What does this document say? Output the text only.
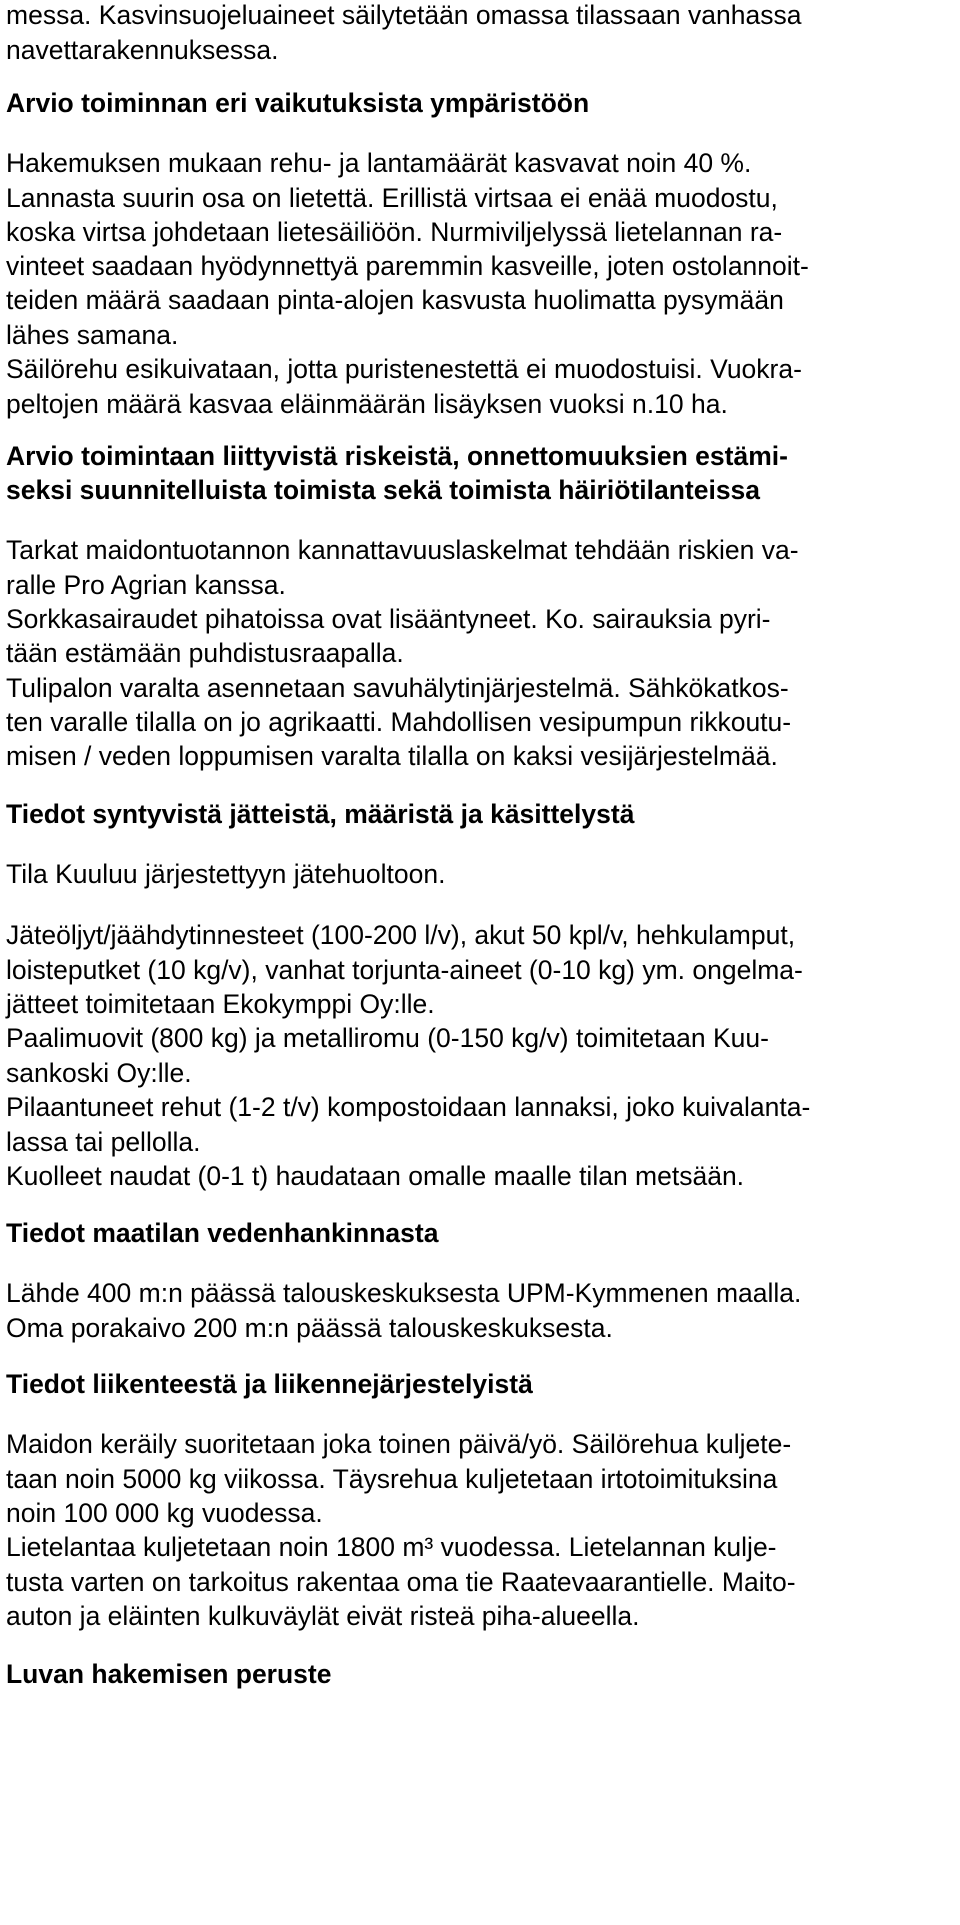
messa. Kasvinsuojeluaineet säilytetään omassa tilassaan vanhassa

navettarakennuksessa.

Arvio toiminnan eri vaikutuksista ympäristöön

Hakemuksen mukaan rehu- ja lantamäärät kasvavat noin 40 %.

Lannasta suurin osa on lietettä. Erillistä virtsaa ei enää muodostu,

koska virtsa johdetaan lietesäiliöön. Nurmiviljelyssä lietelannan ra-

vinteet saadaan hyödynnettyä paremmin kasveille, joten ostolannoit-

teiden määrä saadaan pinta-alojen kasvusta huolimatta pysymään

lähes samana.

Säilörehu esikuivataan, jotta puristenestettä ei muodostuisi. Vuokra-

peltojen määrä kasvaa eläinmäärän lisäyksen vuoksi n.10 ha.

Arvio toimintaan liittyvistä riskeistä, onnettomuuksien estämi-

seksi suunnitelluista toimista sekä toimista häiriötilanteissa

Tarkat maidontuotannon kannattavuuslaskelmat tehdään riskien va-

ralle Pro Agrian kanssa.

Sorkkasairaudet pihatoissa ovat lisääntyneet. Ko. sairauksia pyri-

tään estämään puhdistusraapalla.

Tulipalon varalta asennetaan savuhälytinjärjestelmä. Sähkökatkos-

ten varalle tilalla on jo agrikaatti. Mahdollisen vesipumpun rikkoutu-

misen / veden loppumisen varalta tilalla on kaksi vesijärjestelmää.

Tiedot syntyvistä jätteistä, määristä ja käsittelystä

Tila Kuuluu järjestettyyn jätehuoltoon.

Jäteöljyt/jäähdytinnesteet (100-200 l/v), akut 50 kpl/v, hehkulamput,

loisteputket (10 kg/v), vanhat torjunta-aineet (0-10 kg) ym. ongelma-

jätteet toimitetaan Ekokymppi Oy:lle.

Paalimuovit (800 kg) ja metalliromu (0-150 kg/v) toimitetaan Kuu-

sankoski Oy:lle.

Pilaantuneet rehut (1-2 t/v) kompostoidaan lannaksi, joko kuivalanta-

lassa tai pellolla.

Kuolleet naudat (0-1 t) haudataan omalle maalle tilan metsään.

Tiedot maatilan vedenhankinnasta

Lähde 400 m:n päässä talouskeskuksesta UPM-Kymmenen maalla.

Oma porakaivo 200 m:n päässä talouskeskuksesta.

Tiedot liikenteestä ja liikennejärjestelyistä

Maidon keräily suoritetaan joka toinen päivä/yö. Säilörehua kuljete-

taan noin 5000 kg viikossa. Täysrehua kuljetetaan irtotoimituksina

noin 100 000 kg vuodessa.

Lietelantaa kuljetetaan noin 1800 m³ vuodessa. Lietelannan kulje-

tusta varten on tarkoitus rakentaa oma tie Raatevaarantielle. Maito-

auton ja eläinten kulkuväylät eivät risteä piha-alueella.

Luvan hakemisen peruste
